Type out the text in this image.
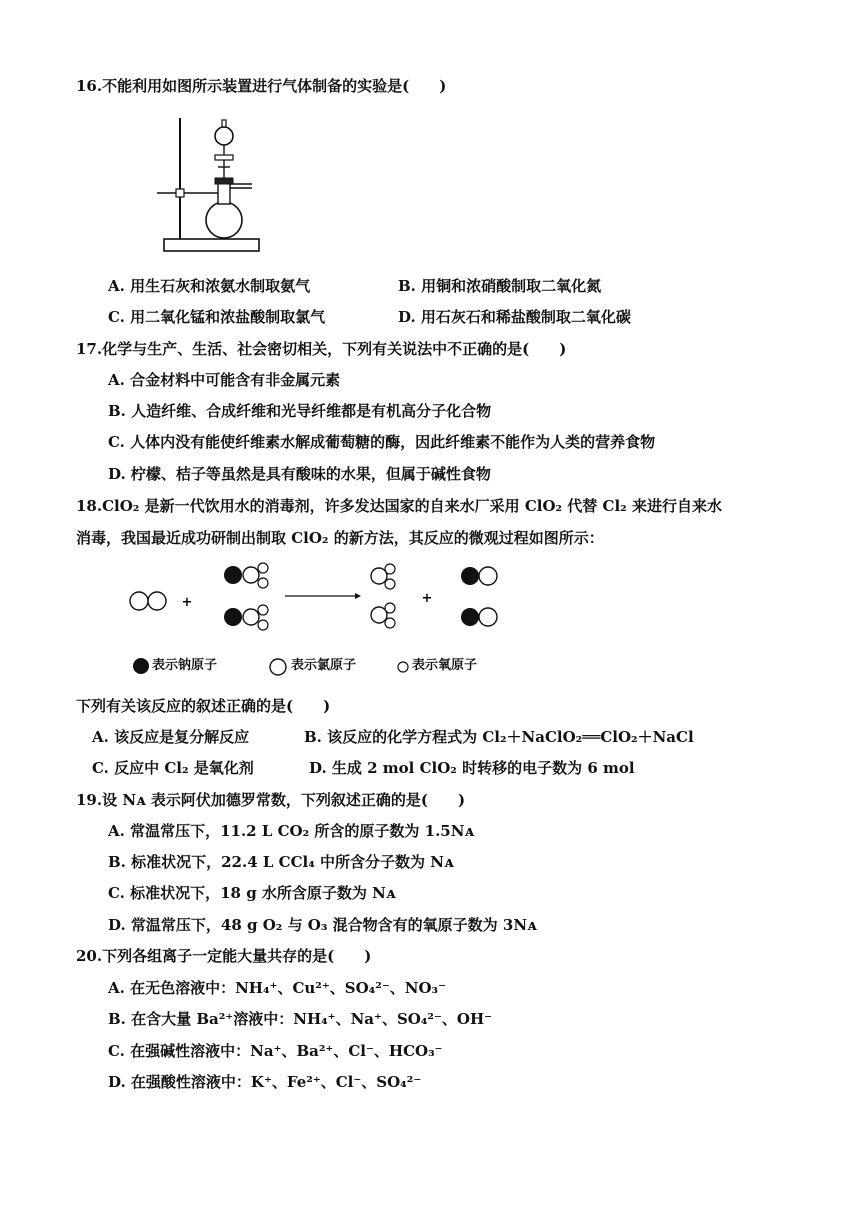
16.不能利用如图所示装置进行气体制备的实验是(　　)
A. 用生石灰和浓氨水制取氨气	B. 用铜和浓硝酸制取二氧化氮
C. 用二氧化锰和浓盐酸制取氯气	D. 用石灰石和稀盐酸制取二氧化碳
17.化学与生产、生活、社会密切相关，下列有关说法中不正确的是(　　)
A. 合金材料中可能含有非金属元素
B. 人造纤维、合成纤维和光导纤维都是有机高分子化合物
C. 人体内没有能使纤维素水解成葡萄糖的酶，因此纤维素不能作为人类的营养食物
D. 柠檬、桔子等虽然是具有酸味的水果，但属于碱性食物
18.ClO₂ 是新一代饮用水的消毒剂，许多发达国家的自来水厂采用 ClO₂ 代替 Cl₂ 来进行自来水
消毒，我国最近成功研制出制取 ClO₂ 的新方法，其反应的微观过程如图所示：
+	+
表示钠原子	表示氯原子	表示氧原子
下列有关该反应的叙述正确的是(　　)
A. 该反应是复分解反应	B. 该反应的化学方程式为 Cl₂＋NaClO₂══ClO₂＋NaCl
C. 反应中 Cl₂ 是氧化剂	D. 生成 2 mol ClO₂ 时转移的电子数为 6 mol
19.设 Nᴀ 表示阿伏加德罗常数，下列叙述正确的是(　　)
A. 常温常压下，11.2 L CO₂ 所含的原子数为 1.5Nᴀ
B. 标准状况下，22.4 L CCl₄ 中所含分子数为 Nᴀ
C. 标准状况下，18 g 水所含原子数为 Nᴀ
D. 常温常压下，48 g O₂ 与 O₃ 混合物含有的氧原子数为 3Nᴀ
20.下列各组离子一定能大量共存的是(　　)
A. 在无色溶液中：NH₄⁺、Cu²⁺、SO₄²⁻、NO₃⁻
B. 在含大量 Ba²⁺溶液中：NH₄⁺、Na⁺、SO₄²⁻、OH⁻
C. 在强碱性溶液中：Na⁺、Ba²⁺、Cl⁻、HCO₃⁻
D. 在强酸性溶液中：K⁺、Fe²⁺、Cl⁻、SO₄²⁻
